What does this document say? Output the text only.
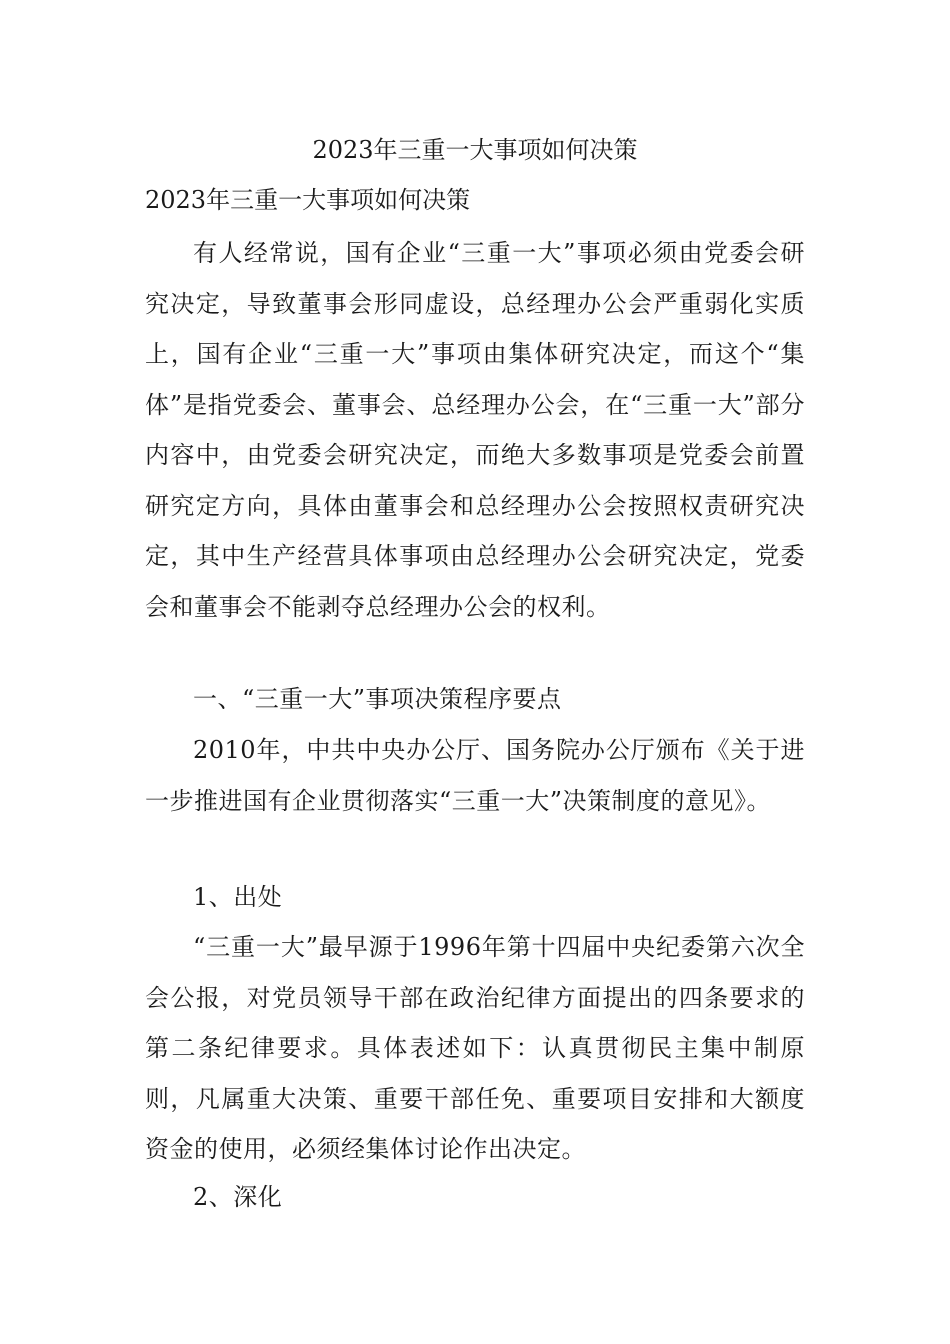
2023年三重一大事项如何决策
2023年三重一大事项如何决策

有人经常说，国有企业“三重一大”事项必须由党委会研究决定，导致董事会形同虚设，总经理办公会严重弱化实质上，国有企业“三重一大”事项由集体研究决定，而这个“集体”是指党委会、董事会、总经理办公会，在“三重一大”部分内容中，由党委会研究决定，而绝大多数事项是党委会前置研究定方向，具体由董事会和总经理办公会按照权责研究决定，其中生产经营具体事项由总经理办公会研究决定，党委会和董事会不能剥夺总经理办公会的权利。

一、“三重一大”事项决策程序要点

2010年，中共中央办公厅、国务院办公厅颁布《关于进一步推进国有企业贯彻落实“三重一大”决策制度的意见》。

1、出处

“三重一大”最早源于1996年第十四届中央纪委第六次全会公报，对党员领导干部在政治纪律方面提出的四条要求的第二条纪律要求。具体表述如下：认真贯彻民主集中制原则，凡属重大决策、重要干部任免、重要项目安排和大额度资金的使用，必须经集体讨论作出决定。

2、深化
